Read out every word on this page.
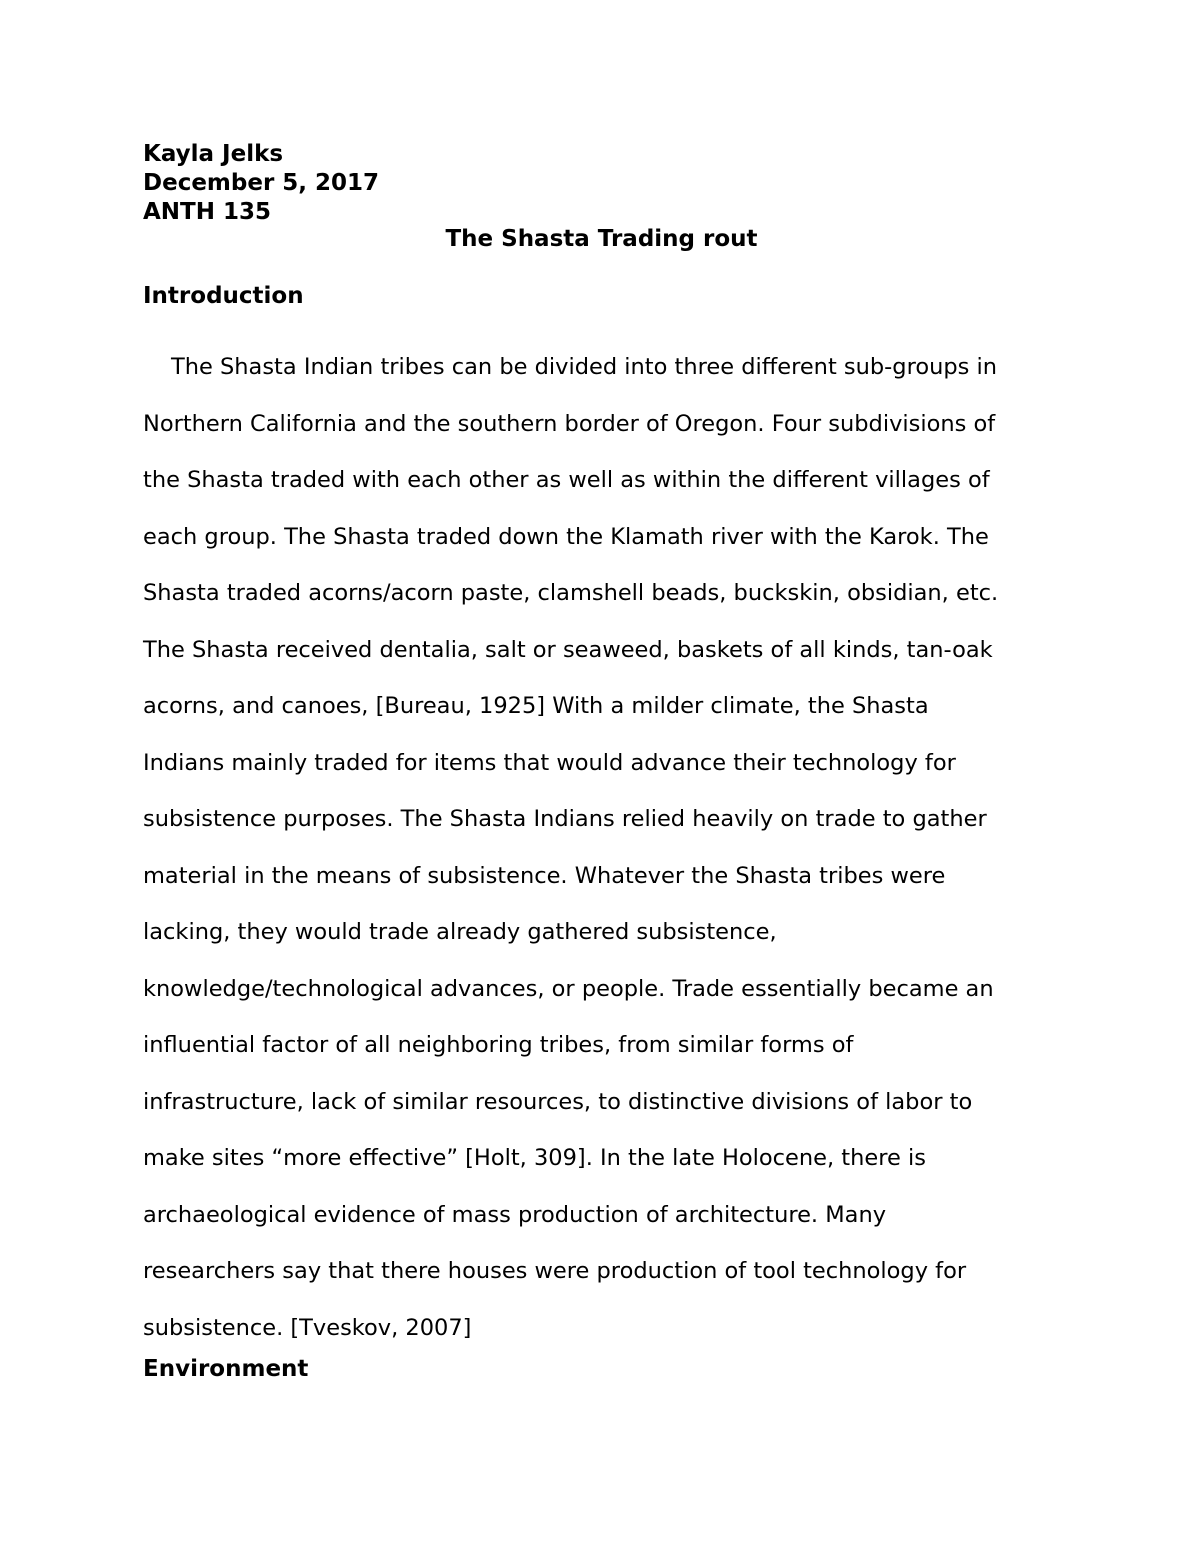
Kayla Jelks
December 5, 2017
ANTH 135
The Shasta Trading rout
Introduction
The Shasta Indian tribes can be divided into three different sub-groups in
Northern California and the southern border of Oregon. Four subdivisions of
the Shasta traded with each other as well as within the different villages of
each group. The Shasta traded down the Klamath river with the Karok. The
Shasta traded acorns/acorn paste, clamshell beads, buckskin, obsidian, etc.
The Shasta received dentalia, salt or seaweed, baskets of all kinds, tan-oak
acorns, and canoes, [Bureau, 1925] With a milder climate, the Shasta
Indians mainly traded for items that would advance their technology for
subsistence purposes. The Shasta Indians relied heavily on trade to gather
material in the means of subsistence. Whatever the Shasta tribes were
lacking, they would trade already gathered subsistence,
knowledge/technological advances, or people. Trade essentially became an
influential factor of all neighboring tribes, from similar forms of
infrastructure, lack of similar resources, to distinctive divisions of labor to
make sites “more effective” [Holt, 309]. In the late Holocene, there is
archaeological evidence of mass production of architecture. Many
researchers say that there houses were production of tool technology for
subsistence. [Tveskov, 2007]
Environment
